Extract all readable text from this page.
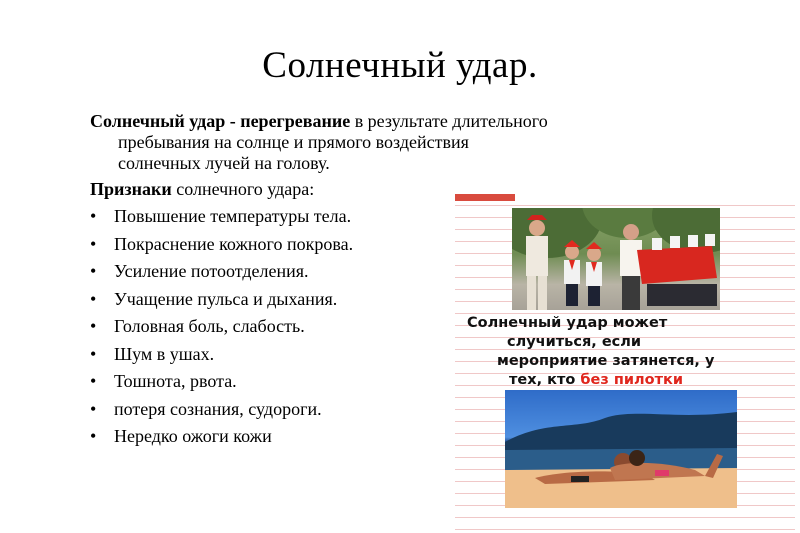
Солнечный удар.

Солнечный удар - перегревание в результате длительного пребывания на солнце и прямого воздействия солнечных лучей на голову.

Признаки солнечного удара:

• Повышение температуры тела.
• Покраснение кожного покрова.
• Усиление потоотделения.
• Учащение пульса и дыхания.
• Головная боль, слабость.
• Шум в ушах.
• Тошнота, рвота.
• потеря сознания, судороги.
• Нередко ожоги кожи
Солнечный удар может
случиться, если
мероприятие затянется, у
тех, кто без пилотки
